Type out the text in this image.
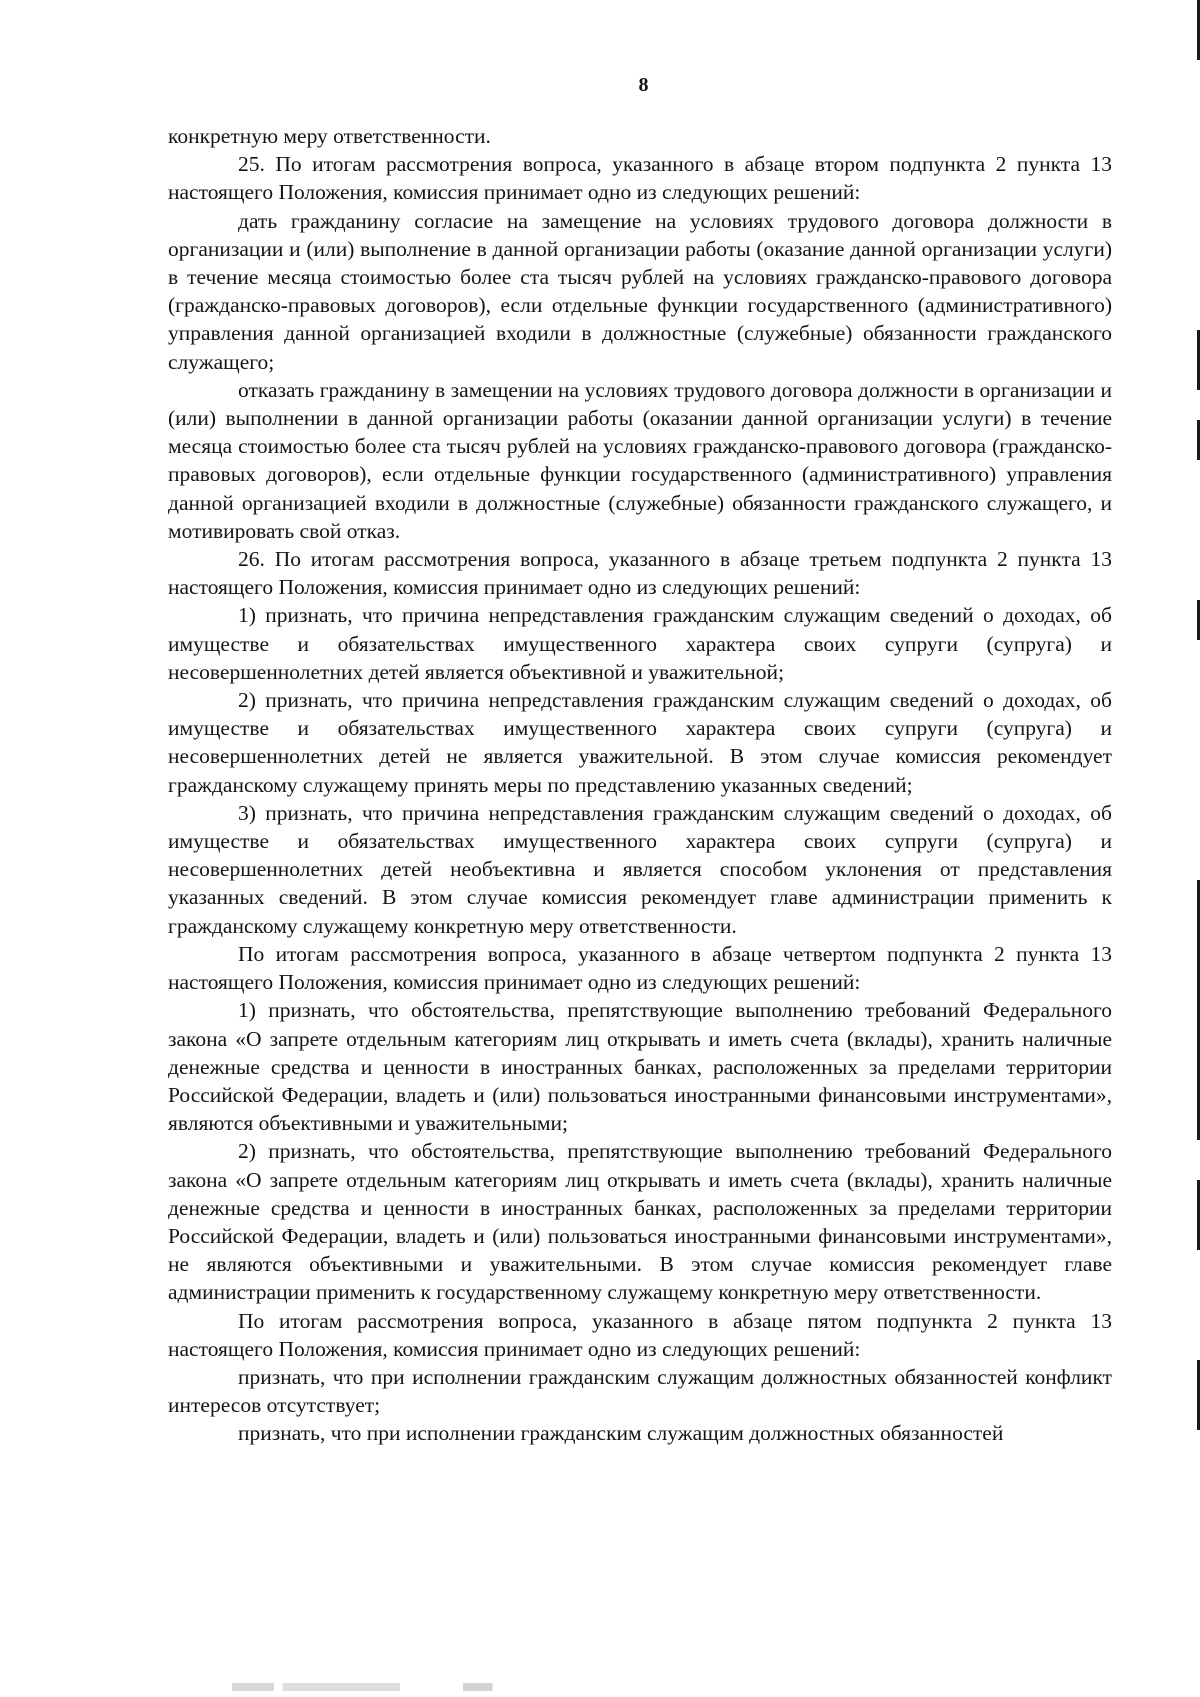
8

конкретную меру ответственности.

25. По итогам рассмотрения вопроса, указанного в абзаце втором подпункта 2 пункта 13 настоящего Положения, комиссия принимает одно из следующих решений:

дать гражданину согласие на замещение на условиях трудового договора должности в организации и (или) выполнение в данной организации работы (оказание данной организации услуги) в течение месяца стоимостью более ста тысяч рублей на условиях гражданско-правового договора (гражданско-правовых договоров), если отдельные функции государственного (административного) управления данной организацией входили в должностные (служебные) обязанности гражданского служащего;

отказать гражданину в замещении на условиях трудового договора должности в организации и (или) выполнении в данной организации работы (оказании данной организации услуги) в течение месяца стоимостью более ста тысяч рублей на условиях гражданско-правового договора (гражданско-правовых договоров), если отдельные функции государственного (административного) управления данной организацией входили в должностные (служебные) обязанности гражданского служащего, и мотивировать свой отказ.

26. По итогам рассмотрения вопроса, указанного в абзаце третьем подпункта 2 пункта 13 настоящего Положения, комиссия принимает одно из следующих решений:

1) признать, что причина непредставления гражданским служащим сведений о доходах, об имуществе и обязательствах имущественного характера своих супруги (супруга) и несовершеннолетних детей является объективной и уважительной;

2) признать, что причина непредставления гражданским служащим сведений о доходах, об имуществе и обязательствах имущественного характера своих супруги (супруга) и несовершеннолетних детей не является уважительной. В этом случае комиссия рекомендует гражданскому служащему принять меры по представлению указанных сведений;

3) признать, что причина непредставления гражданским служащим сведений о доходах, об имуществе и обязательствах имущественного характера своих супруги (супруга) и несовершеннолетних детей необъективна и является способом уклонения от представления указанных сведений. В этом случае комиссия рекомендует главе администрации применить к гражданскому служащему конкретную меру ответственности.

По итогам рассмотрения вопроса, указанного в абзаце четвертом подпункта 2 пункта 13 настоящего Положения, комиссия принимает одно из следующих решений:

1) признать, что обстоятельства, препятствующие выполнению требований Федерального закона «О запрете отдельным категориям лиц открывать и иметь счета (вклады), хранить наличные денежные средства и ценности в иностранных банках, расположенных за пределами территории Российской Федерации, владеть и (или) пользоваться иностранными финансовыми инструментами», являются объективными и уважительными;

2) признать, что обстоятельства, препятствующие выполнению требований Федерального закона «О запрете отдельным категориям лиц открывать и иметь счета (вклады), хранить наличные денежные средства и ценности в иностранных банках, расположенных за пределами территории Российской Федерации, владеть и (или) пользоваться иностранными финансовыми инструментами», не являются объективными и уважительными. В этом случае комиссия рекомендует главе администрации применить к государственному служащему конкретную меру ответственности.

По итогам рассмотрения вопроса, указанного в абзаце пятом подпункта 2 пункта 13 настоящего Положения, комиссия принимает одно из следующих решений:

признать, что при исполнении гражданским служащим должностных обязанностей конфликт интересов отсутствует;

признать, что при исполнении гражданским служащим должностных обязанностей
